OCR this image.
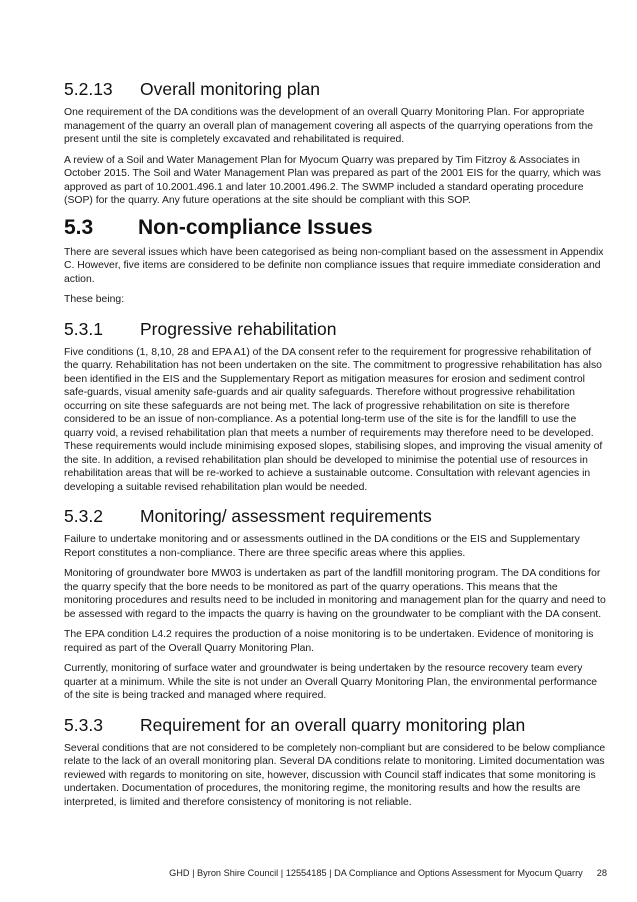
5.2.13 Overall monitoring plan

One requirement of the DA conditions was the development of an overall Quarry Monitoring Plan. For appropriate management of the quarry an overall plan of management covering all aspects of the quarrying operations from the present until the site is completely excavated and rehabilitated is required.

A review of a Soil and Water Management Plan for Myocum Quarry was prepared by Tim Fitzroy & Associates in October 2015. The Soil and Water Management Plan was prepared as part of the 2001 EIS for the quarry, which was approved as part of 10.2001.496.1 and later 10.2001.496.2. The SWMP included a standard operating procedure (SOP) for the quarry. Any future operations at the site should be compliant with this SOP.

5.3 Non-compliance Issues

There are several issues which have been categorised as being non-compliant based on the assessment in Appendix C. However, five items are considered to be definite non compliance issues that require immediate consideration and action.

These being:

5.3.1 Progressive rehabilitation

Five conditions (1, 8,10, 28 and EPA A1) of the DA consent refer to the requirement for progressive rehabilitation of the quarry. Rehabilitation has not been undertaken on the site. The commitment to progressive rehabilitation has also been identified in the EIS and the Supplementary Report as mitigation measures for erosion and sediment control safe-guards, visual amenity safe-guards and air quality safeguards. Therefore without progressive rehabilitation occurring on site these safeguards are not being met. The lack of progressive rehabilitation on site is therefore considered to be an issue of non-compliance. As a potential long-term use of the site is for the landfill to use the quarry void, a revised rehabilitation plan that meets a number of requirements may therefore need to be developed. These requirements would include minimising exposed slopes, stabilising slopes, and improving the visual amenity of the site. In addition, a revised rehabilitation plan should be developed to minimise the potential use of resources in rehabilitation areas that will be re-worked to achieve a sustainable outcome. Consultation with relevant agencies in developing a suitable revised rehabilitation plan would be needed.

5.3.2 Monitoring/ assessment requirements

Failure to undertake monitoring and or assessments outlined in the DA conditions or the EIS and Supplementary Report constitutes a non-compliance. There are three specific areas where this applies.

Monitoring of groundwater bore MW03 is undertaken as part of the landfill monitoring program. The DA conditions for the quarry specify that the bore needs to be monitored as part of the quarry operations. This means that the monitoring procedures and results need to be included in monitoring and management plan for the quarry and need to be assessed with regard to the impacts the quarry is having on the groundwater to be compliant with the DA consent.

The EPA condition L4.2 requires the production of a noise monitoring is to be undertaken. Evidence of monitoring is required as part of the Overall Quarry Monitoring Plan.

Currently, monitoring of surface water and groundwater is being undertaken by the resource recovery team every quarter at a minimum. While the site is not under an Overall Quarry Monitoring Plan, the environmental performance of the site is being tracked and managed where required.

5.3.3 Requirement for an overall quarry monitoring plan

Several conditions that are not considered to be completely non-compliant but are considered to be below compliance relate to the lack of an overall monitoring plan. Several DA conditions relate to monitoring. Limited documentation was reviewed with regards to monitoring on site, however, discussion with Council staff indicates that some monitoring is undertaken. Documentation of procedures, the monitoring regime, the monitoring results and how the results are interpreted, is limited and therefore consistency of monitoring is not reliable.

GHD | Byron Shire Council | 12554185 | DA Compliance and Options Assessment for Myocum Quarry 28
